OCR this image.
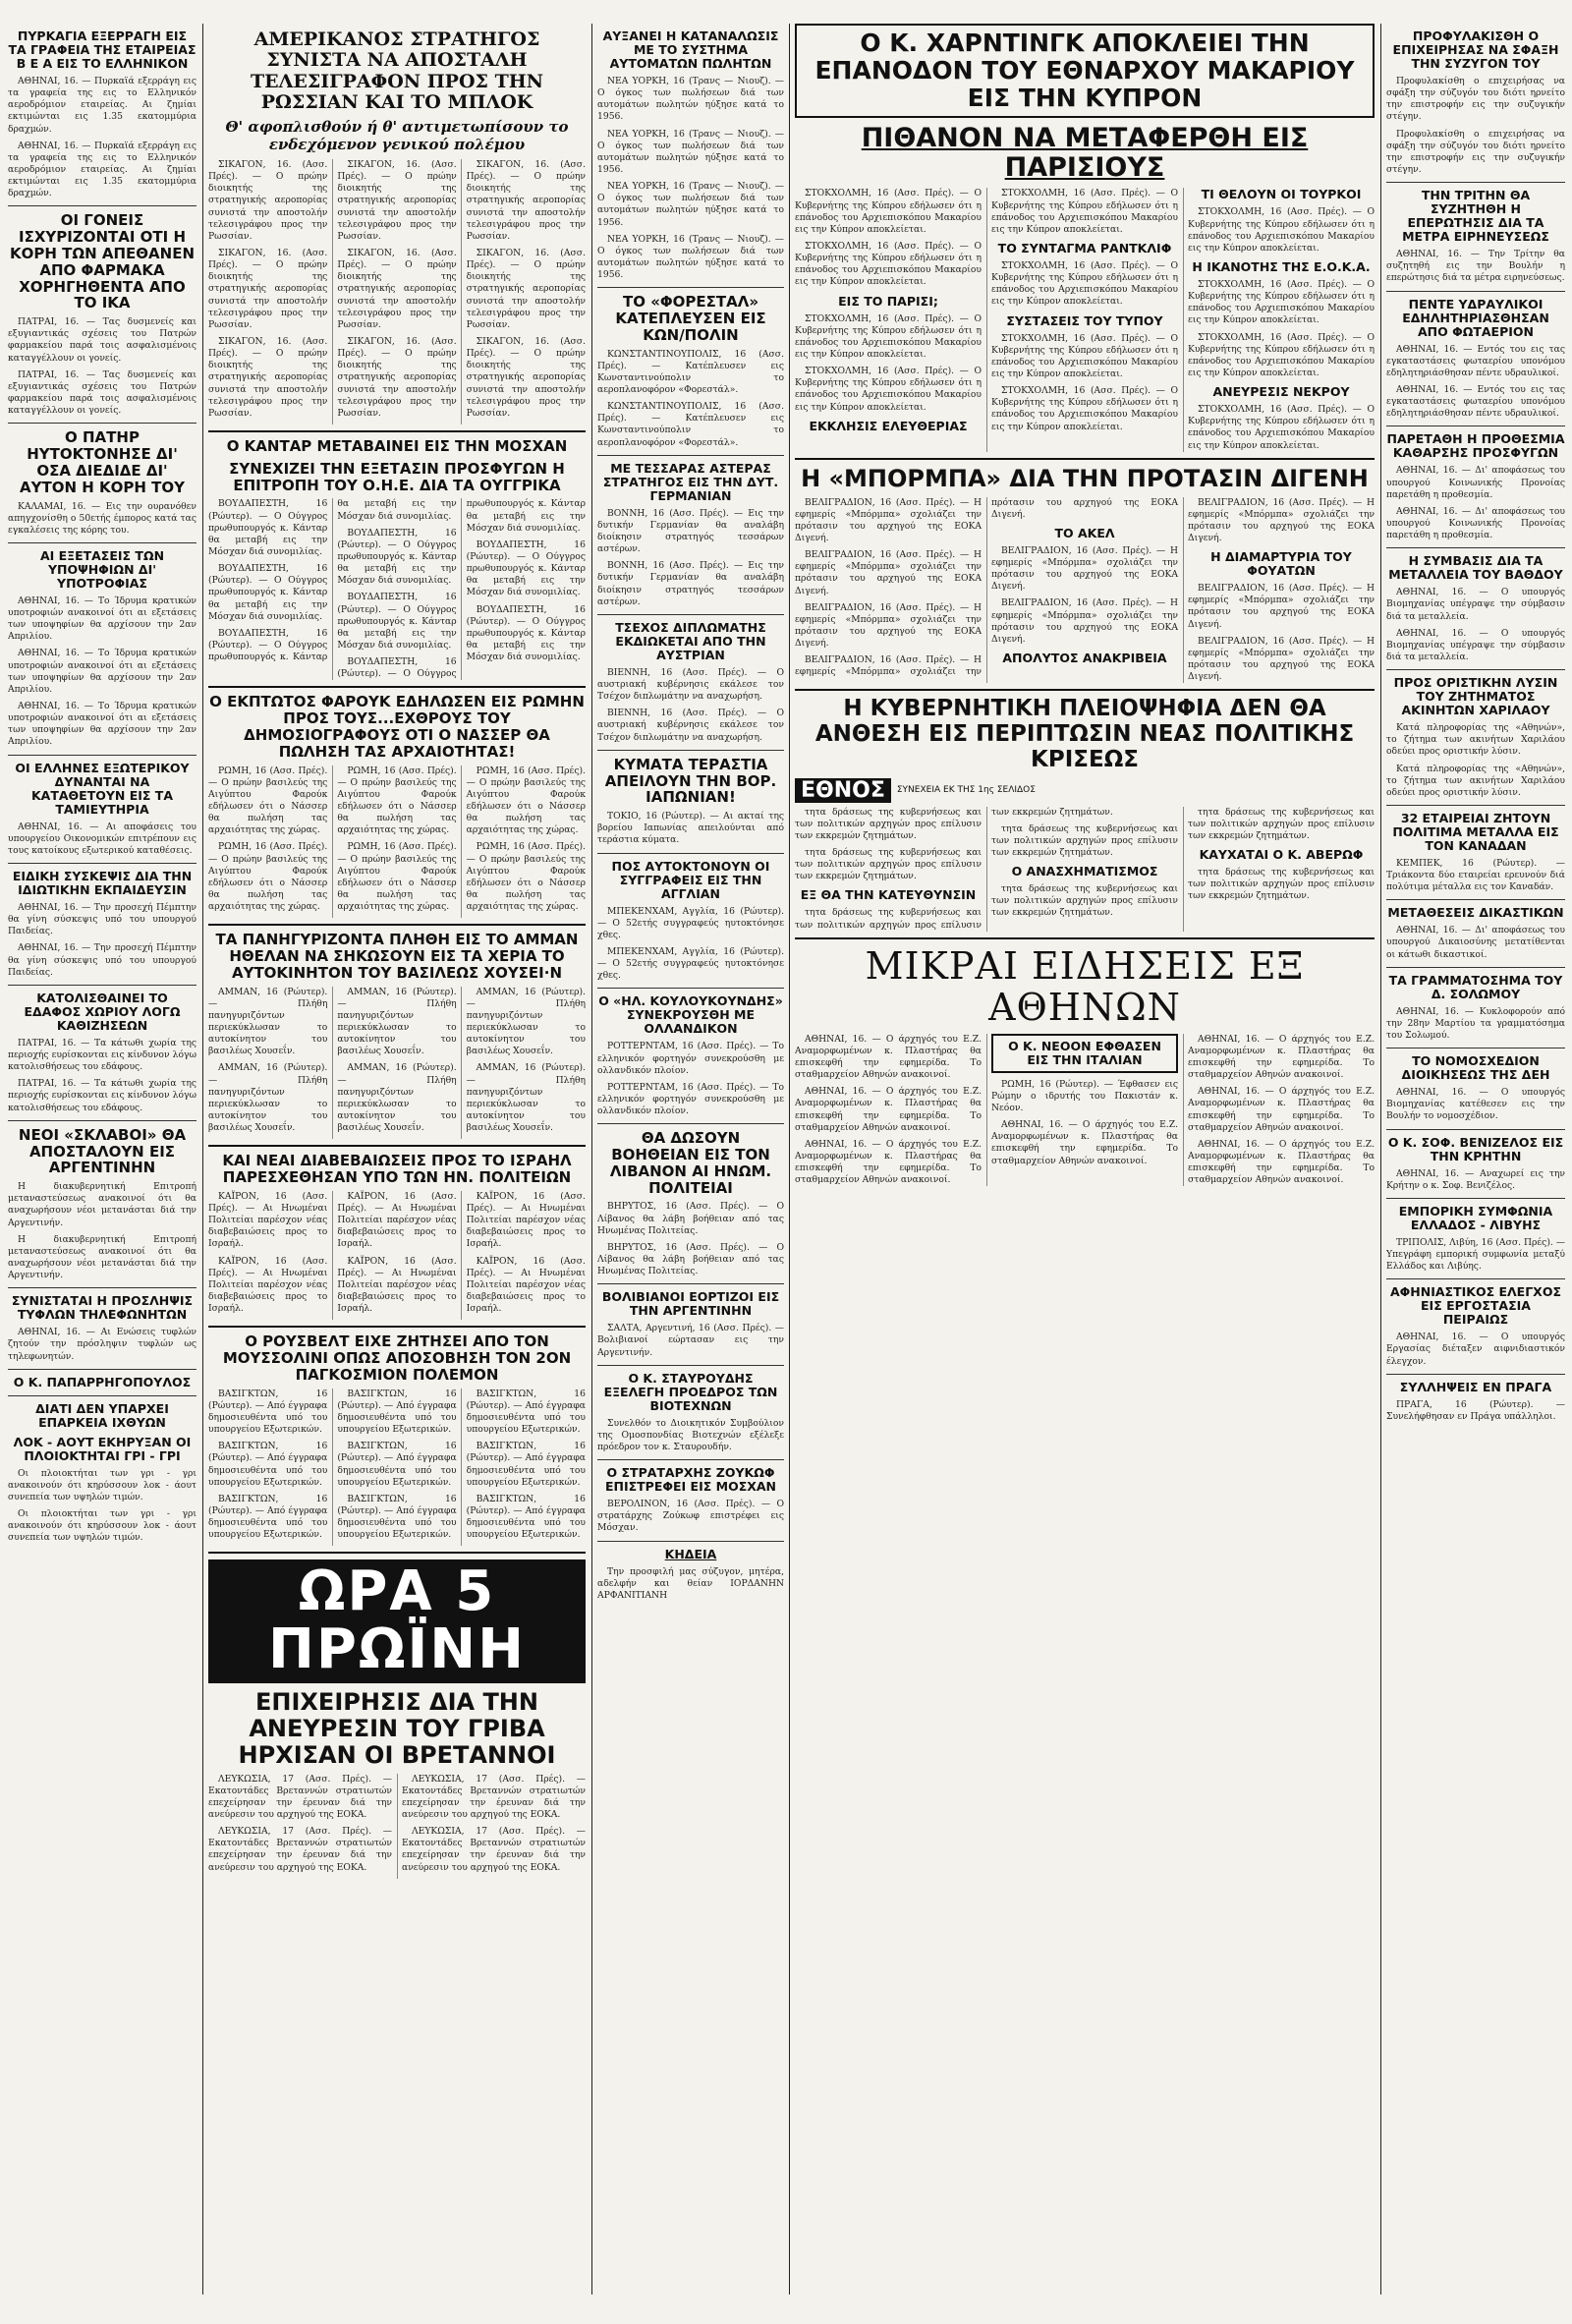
ΠΥΡΚΑΓΙΑ ΕΞΕΡΡΑΓΗ ΕΙΣ ΤΑ ΓΡΑΦΕΙΑ ΤΗΣ ΕΤΑΙΡΕΙΑΣ Β Ε Α ΕΙΣ ΤΟ ΕΛΛΗΝΙΚΟΝ

ΑΘΗΝΑΙ, 16. — Πυρκαϊά εξερράγη εις τα γραφεία της εις το Ελληνικόν αεροδρόμιον εταιρείας. Αι ζημίαι εκτιμώνται εις 1.35 εκατομμύρια δραχμών.

ΑΘΗΝΑΙ, 16. — Πυρκαϊά εξερράγη εις τα γραφεία της εις το Ελληνικόν αεροδρόμιον εταιρείας. Αι ζημίαι εκτιμώνται εις 1.35 εκατομμύρια δραχμών.

ΟΙ ΓΟΝΕΙΣ ΙΣΧΥΡΙΖΟΝΤΑΙ ΟΤΙ Η ΚΟΡΗ ΤΩΝ ΑΠΕΘΑΝΕΝ ΑΠΟ ΦΑΡΜΑΚΑ ΧΟΡΗΓΗΘΕΝΤΑ ΑΠΟ ΤΟ ΙΚΑ

ΠΑΤΡΑΙ, 16. — Τας δυσμενείς και εξυγιαντικάς σχέσεις του Πατρών φαρμακείου παρά τοις ασφαλισμένοις καταγγέλλουν οι γονείς.

ΠΑΤΡΑΙ, 16. — Τας δυσμενείς και εξυγιαντικάς σχέσεις του Πατρών φαρμακείου παρά τοις ασφαλισμένοις καταγγέλλουν οι γονείς.

Ο ΠΑΤΗΡ ΗΥΤΟΚΤΟΝΗΣΕ ΔΙ' ΟΣΑ ΔΙΕΔΙΔΕ ΔΙ' ΑΥΤΟΝ Η ΚΟΡΗ ΤΟΥ

ΚΑΛΑΜΑΙ, 16. — Εις την ουρανόθεν απηγχονίσθη ο 50ετής έμπορος κατά τας εγκαλέσεις της κόρης του.

ΑΙ ΕΞΕΤΑΣΕΙΣ ΤΩΝ ΥΠΟΨΗΦΙΩΝ ΔΙ' ΥΠΟΤΡΟΦΙΑΣ

ΑΘΗΝΑΙ, 16. — Το Ίδρυμα κρατικών υποτροφιών ανακοινοί ότι αι εξετάσεις των υποψηφίων θα αρχίσουν την 2αν Απριλίου.

ΑΘΗΝΑΙ, 16. — Το Ίδρυμα κρατικών υποτροφιών ανακοινοί ότι αι εξετάσεις των υποψηφίων θα αρχίσουν την 2αν Απριλίου.

ΑΘΗΝΑΙ, 16. — Το Ίδρυμα κρατικών υποτροφιών ανακοινοί ότι αι εξετάσεις των υποψηφίων θα αρχίσουν την 2αν Απριλίου.

ΟΙ ΕΛΛΗΝΕΣ ΕΞΩΤΕΡΙΚΟΥ ΔΥΝΑΝΤΑΙ ΝΑ ΚΑΤΑΘΕΤΟΥΝ ΕΙΣ ΤΑ ΤΑΜΙΕΥΤΗΡΙΑ

ΑΘΗΝΑΙ, 16. — Αι αποφάσεις του υπουργείου Οικονομικών επιτρέπουν εις τους κατοίκους εξωτερικού καταθέσεις.

ΕΙΔΙΚΗ ΣΥΣΚΕΨΙΣ ΔΙΑ ΤΗΝ ΙΔΙΩΤΙΚΗΝ ΕΚΠΑΙΔΕΥΣΙΝ

ΑΘΗΝΑΙ, 16. — Την προσεχή Πέμπτην θα γίνη σύσκεψις υπό του υπουργού Παιδείας.

ΑΘΗΝΑΙ, 16. — Την προσεχή Πέμπτην θα γίνη σύσκεψις υπό του υπουργού Παιδείας.

ΚΑΤΟΛΙΣΘΑΙΝΕΙ ΤΟ ΕΔΑΦΟΣ ΧΩΡΙΟΥ ΛΟΓΩ ΚΑΘΙΖΗΣΕΩΝ

ΠΑΤΡΑΙ, 16. — Τα κάτωθι χωρία της περιοχής ευρίσκονται εις κίνδυνον λόγω κατολισθήσεως του εδάφους.

ΠΑΤΡΑΙ, 16. — Τα κάτωθι χωρία της περιοχής ευρίσκονται εις κίνδυνον λόγω κατολισθήσεως του εδάφους.

ΝΕΟΙ «ΣΚΛΑΒΟΙ» ΘΑ ΑΠΟΣΤΑΛΟΥΝ ΕΙΣ ΑΡΓΕΝΤΙΝΗΝ

Η διακυβερνητική Επιτροπή μεταναστεύσεως ανακοινοί ότι θα αναχωρήσουν νέοι μετανάσται διά την Αργεντινήν.

Η διακυβερνητική Επιτροπή μεταναστεύσεως ανακοινοί ότι θα αναχωρήσουν νέοι μετανάσται διά την Αργεντινήν.

ΣΥΝΙΣΤΑΤΑΙ Η ΠΡΟΣΛΗΨΙΣ ΤΥΦΛΩΝ ΤΗΛΕΦΩΝΗΤΩΝ

ΑΘΗΝΑΙ, 16. — Αι Ενώσεις τυφλών ζητούν την πρόσληψιν τυφλών ως τηλεφωνητών.

Ο Κ. ΠΑΠΑΡΡΗΓΟΠΟΥΛΟΣ
ΔΙΑΤΙ ΔΕΝ ΥΠΑΡΧΕΙ ΕΠΑΡΚΕΙΑ ΙΧΘΥΩΝ
ΛΟΚ - ΑΟΥΤ ΕΚΗΡΥΞΑΝ ΟΙ ΠΛΟΙΟΚΤΗΤΑΙ ΓΡΙ - ΓΡΙ

Οι πλοιοκτήται των γρι - γρι ανακοινούν ότι κηρύσσουν λοκ - άουτ συνεπεία των υψηλών τιμών.

Οι πλοιοκτήται των γρι - γρι ανακοινούν ότι κηρύσσουν λοκ - άουτ συνεπεία των υψηλών τιμών.

ΑΜΕΡΙΚΑΝΟΣ ΣΤΡΑΤΗΓΟΣ ΣΥΝΙΣΤΑ ΝΑ ΑΠΟΣΤΑΛΗ ΤΕΛΕΣΙΓΡΑΦΟΝ ΠΡΟΣ ΤΗΝ ΡΩΣΣΙΑΝ ΚΑΙ ΤΟ ΜΠΛΟΚ
Θ' αφοπλισθούν ή θ' αντιμετωπίσουν το ενδεχόμενον γενικού πολέμου

ΣΙΚΑΓΟΝ, 16. (Ασσ. Πρές). — Ο πρώην διοικητής της στρατηγικής αεροπορίας συνιστά την αποστολήν τελεσιγράφου προς την Ρωσσίαν.

ΣΙΚΑΓΟΝ, 16. (Ασσ. Πρές). — Ο πρώην διοικητής της στρατηγικής αεροπορίας συνιστά την αποστολήν τελεσιγράφου προς την Ρωσσίαν.

ΣΙΚΑΓΟΝ, 16. (Ασσ. Πρές). — Ο πρώην διοικητής της στρατηγικής αεροπορίας συνιστά την αποστολήν τελεσιγράφου προς την Ρωσσίαν.

ΣΙΚΑΓΟΝ, 16. (Ασσ. Πρές). — Ο πρώην διοικητής της στρατηγικής αεροπορίας συνιστά την αποστολήν τελεσιγράφου προς την Ρωσσίαν.

ΣΙΚΑΓΟΝ, 16. (Ασσ. Πρές). — Ο πρώην διοικητής της στρατηγικής αεροπορίας συνιστά την αποστολήν τελεσιγράφου προς την Ρωσσίαν.

ΣΙΚΑΓΟΝ, 16. (Ασσ. Πρές). — Ο πρώην διοικητής της στρατηγικής αεροπορίας συνιστά την αποστολήν τελεσιγράφου προς την Ρωσσίαν.

ΣΙΚΑΓΟΝ, 16. (Ασσ. Πρές). — Ο πρώην διοικητής της στρατηγικής αεροπορίας συνιστά την αποστολήν τελεσιγράφου προς την Ρωσσίαν.

ΣΙΚΑΓΟΝ, 16. (Ασσ. Πρές). — Ο πρώην διοικητής της στρατηγικής αεροπορίας συνιστά την αποστολήν τελεσιγράφου προς την Ρωσσίαν.

ΣΙΚΑΓΟΝ, 16. (Ασσ. Πρές). — Ο πρώην διοικητής της στρατηγικής αεροπορίας συνιστά την αποστολήν τελεσιγράφου προς την Ρωσσίαν.

Ο ΚΑΝΤΑΡ ΜΕΤΑΒΑΙΝΕΙ ΕΙΣ ΤΗΝ ΜΟΣΧΑΝ
ΣΥΝΕΧΙΖΕΙ ΤΗΝ ΕΞΕΤΑΣΙΝ ΠΡΟΣΦΥΓΩΝ Η ΕΠΙΤΡΟΠΗ ΤΟΥ Ο.Η.Ε. ΔΙΑ ΤΑ ΟΥΓΓΡΙΚΑ

ΒΟΥΔΑΠΕΣΤΗ, 16 (Ρώυτερ). — Ο Ούγγρος πρωθυπουργός κ. Κάνταρ θα μεταβή εις την Μόσχαν διά συνομιλίας.

ΒΟΥΔΑΠΕΣΤΗ, 16 (Ρώυτερ). — Ο Ούγγρος πρωθυπουργός κ. Κάνταρ θα μεταβή εις την Μόσχαν διά συνομιλίας.

ΒΟΥΔΑΠΕΣΤΗ, 16 (Ρώυτερ). — Ο Ούγγρος πρωθυπουργός κ. Κάνταρ θα μεταβή εις την Μόσχαν διά συνομιλίας.

ΒΟΥΔΑΠΕΣΤΗ, 16 (Ρώυτερ). — Ο Ούγγρος πρωθυπουργός κ. Κάνταρ θα μεταβή εις την Μόσχαν διά συνομιλίας.

ΒΟΥΔΑΠΕΣΤΗ, 16 (Ρώυτερ). — Ο Ούγγρος πρωθυπουργός κ. Κάνταρ θα μεταβή εις την Μόσχαν διά συνομιλίας.

ΒΟΥΔΑΠΕΣΤΗ, 16 (Ρώυτερ). — Ο Ούγγρος πρωθυπουργός κ. Κάνταρ θα μεταβή εις την Μόσχαν διά συνομιλίας.

ΒΟΥΔΑΠΕΣΤΗ, 16 (Ρώυτερ). — Ο Ούγγρος πρωθυπουργός κ. Κάνταρ θα μεταβή εις την Μόσχαν διά συνομιλίας.

ΒΟΥΔΑΠΕΣΤΗ, 16 (Ρώυτερ). — Ο Ούγγρος πρωθυπουργός κ. Κάνταρ θα μεταβή εις την Μόσχαν διά συνομιλίας.

Ο ΕΚΠΤΩΤΟΣ ΦΑΡΟΥΚ ΕΔΗΛΩΣΕΝ ΕΙΣ ΡΩΜΗΝ ΠΡΟΣ ΤΟΥΣ...ΕΧΘΡΟΥΣ ΤΟΥ ΔΗΜΟΣΙΟΓΡΑΦΟΥΣ ΟΤΙ Ο ΝΑΣΣΕΡ ΘΑ ΠΩΛΗΣΗ ΤΑΣ ΑΡΧΑΙΟΤΗΤΑΣ!

ΡΩΜΗ, 16 (Ασσ. Πρές). — Ο πρώην βασιλεύς της Αιγύπτου Φαρούκ εδήλωσεν ότι ο Νάσσερ θα πωλήση τας αρχαιότητας της χώρας.

ΡΩΜΗ, 16 (Ασσ. Πρές). — Ο πρώην βασιλεύς της Αιγύπτου Φαρούκ εδήλωσεν ότι ο Νάσσερ θα πωλήση τας αρχαιότητας της χώρας.

ΡΩΜΗ, 16 (Ασσ. Πρές). — Ο πρώην βασιλεύς της Αιγύπτου Φαρούκ εδήλωσεν ότι ο Νάσσερ θα πωλήση τας αρχαιότητας της χώρας.

ΡΩΜΗ, 16 (Ασσ. Πρές). — Ο πρώην βασιλεύς της Αιγύπτου Φαρούκ εδήλωσεν ότι ο Νάσσερ θα πωλήση τας αρχαιότητας της χώρας.

ΡΩΜΗ, 16 (Ασσ. Πρές). — Ο πρώην βασιλεύς της Αιγύπτου Φαρούκ εδήλωσεν ότι ο Νάσσερ θα πωλήση τας αρχαιότητας της χώρας.

ΡΩΜΗ, 16 (Ασσ. Πρές). — Ο πρώην βασιλεύς της Αιγύπτου Φαρούκ εδήλωσεν ότι ο Νάσσερ θα πωλήση τας αρχαιότητας της χώρας.

ΤΑ ΠΑΝΗΓΥΡΙΖΟΝΤΑ ΠΛΗΘΗ ΕΙΣ ΤΟ ΑΜΜΑΝ ΗΘΕΛΑΝ ΝΑ ΣΗΚΩΣΟΥΝ ΕΙΣ ΤΑ ΧΕΡΙΑ ΤΟ ΑΥΤΟΚΙΝΗΤΟΝ ΤΟΥ ΒΑΣΙΛΕΩΣ ΧΟΥΣΕΙ·Ν

ΑΜΜΑΝ, 16 (Ρώυτερ). — Πλήθη πανηγυριζόντων περιεκύκλωσαν το αυτοκίνητον του βασιλέως Χουσεΐν.

ΑΜΜΑΝ, 16 (Ρώυτερ). — Πλήθη πανηγυριζόντων περιεκύκλωσαν το αυτοκίνητον του βασιλέως Χουσεΐν.

ΑΜΜΑΝ, 16 (Ρώυτερ). — Πλήθη πανηγυριζόντων περιεκύκλωσαν το αυτοκίνητον του βασιλέως Χουσεΐν.

ΑΜΜΑΝ, 16 (Ρώυτερ). — Πλήθη πανηγυριζόντων περιεκύκλωσαν το αυτοκίνητον του βασιλέως Χουσεΐν.

ΑΜΜΑΝ, 16 (Ρώυτερ). — Πλήθη πανηγυριζόντων περιεκύκλωσαν το αυτοκίνητον του βασιλέως Χουσεΐν.

ΑΜΜΑΝ, 16 (Ρώυτερ). — Πλήθη πανηγυριζόντων περιεκύκλωσαν το αυτοκίνητον του βασιλέως Χουσεΐν.

ΚΑΙ ΝΕΑΙ ΔΙΑΒΕΒΑΙΩΣΕΙΣ ΠΡΟΣ ΤΟ ΙΣΡΑΗΛ ΠΑΡΕΣΧΕΘΗΣΑΝ ΥΠΟ ΤΩΝ ΗΝ. ΠΟΛΙΤΕΙΩΝ

ΚΑΪΡΟΝ, 16 (Ασσ. Πρές). — Αι Ηνωμέναι Πολιτείαι παρέσχον νέας διαβεβαιώσεις προς το Ισραήλ.

ΚΑΪΡΟΝ, 16 (Ασσ. Πρές). — Αι Ηνωμέναι Πολιτείαι παρέσχον νέας διαβεβαιώσεις προς το Ισραήλ.

ΚΑΪΡΟΝ, 16 (Ασσ. Πρές). — Αι Ηνωμέναι Πολιτείαι παρέσχον νέας διαβεβαιώσεις προς το Ισραήλ.

ΚΑΪΡΟΝ, 16 (Ασσ. Πρές). — Αι Ηνωμέναι Πολιτείαι παρέσχον νέας διαβεβαιώσεις προς το Ισραήλ.

ΚΑΪΡΟΝ, 16 (Ασσ. Πρές). — Αι Ηνωμέναι Πολιτείαι παρέσχον νέας διαβεβαιώσεις προς το Ισραήλ.

ΚΑΪΡΟΝ, 16 (Ασσ. Πρές). — Αι Ηνωμέναι Πολιτείαι παρέσχον νέας διαβεβαιώσεις προς το Ισραήλ.

Ο ΡΟΥΣΒΕΛΤ ΕΙΧΕ ΖΗΤΗΣΕΙ ΑΠΟ ΤΟΝ ΜΟΥΣΣΟΛΙΝΙ ΟΠΩΣ ΑΠΟΣΟΒΗΣΗ ΤΟΝ 2ΟΝ ΠΑΓΚΟΣΜΙΟΝ ΠΟΛΕΜΟΝ

ΒΑΣΙΓΚΤΩΝ, 16 (Ρώυτερ). — Από έγγραφα δημοσιευθέντα υπό του υπουργείου Εξωτερικών.

ΒΑΣΙΓΚΤΩΝ, 16 (Ρώυτερ). — Από έγγραφα δημοσιευθέντα υπό του υπουργείου Εξωτερικών.

ΒΑΣΙΓΚΤΩΝ, 16 (Ρώυτερ). — Από έγγραφα δημοσιευθέντα υπό του υπουργείου Εξωτερικών.

ΒΑΣΙΓΚΤΩΝ, 16 (Ρώυτερ). — Από έγγραφα δημοσιευθέντα υπό του υπουργείου Εξωτερικών.

ΒΑΣΙΓΚΤΩΝ, 16 (Ρώυτερ). — Από έγγραφα δημοσιευθέντα υπό του υπουργείου Εξωτερικών.

ΒΑΣΙΓΚΤΩΝ, 16 (Ρώυτερ). — Από έγγραφα δημοσιευθέντα υπό του υπουργείου Εξωτερικών.

ΒΑΣΙΓΚΤΩΝ, 16 (Ρώυτερ). — Από έγγραφα δημοσιευθέντα υπό του υπουργείου Εξωτερικών.

ΒΑΣΙΓΚΤΩΝ, 16 (Ρώυτερ). — Από έγγραφα δημοσιευθέντα υπό του υπουργείου Εξωτερικών.

ΒΑΣΙΓΚΤΩΝ, 16 (Ρώυτερ). — Από έγγραφα δημοσιευθέντα υπό του υπουργείου Εξωτερικών.

ΩΡΑ 5 ΠΡΩΪΝΗ
ΕΠΙΧΕΙΡΗΣΙΣ ΔΙΑ ΤΗΝ ΑΝΕΥΡΕΣΙΝ ΤΟΥ ΓΡΙΒΑ ΗΡΧΙΣΑΝ ΟΙ ΒΡΕΤΑΝΝΟΙ

ΛΕΥΚΩΣΙΑ, 17 (Ασσ. Πρές). — Εκατοντάδες Βρεταννών στρατιωτών επεχείρησαν την έρευναν διά την ανεύρεσιν του αρχηγού της ΕΟΚΑ.

ΛΕΥΚΩΣΙΑ, 17 (Ασσ. Πρές). — Εκατοντάδες Βρεταννών στρατιωτών επεχείρησαν την έρευναν διά την ανεύρεσιν του αρχηγού της ΕΟΚΑ.

ΛΕΥΚΩΣΙΑ, 17 (Ασσ. Πρές). — Εκατοντάδες Βρεταννών στρατιωτών επεχείρησαν την έρευναν διά την ανεύρεσιν του αρχηγού της ΕΟΚΑ.

ΛΕΥΚΩΣΙΑ, 17 (Ασσ. Πρές). — Εκατοντάδες Βρεταννών στρατιωτών επεχείρησαν την έρευναν διά την ανεύρεσιν του αρχηγού της ΕΟΚΑ.

ΑΥΞΑΝΕΙ Η ΚΑΤΑΝΑΛΩΣΙΣ ΜΕ ΤΟ ΣΥΣΤΗΜΑ ΑΥΤΟΜΑΤΩΝ ΠΩΛΗΤΩΝ

ΝΕΑ ΥΟΡΚΗ, 16 (Τρανς — Νιουζ). — Ο όγκος των πωλήσεων διά των αυτομάτων πωλητών ηύξησε κατά το 1956.

ΝΕΑ ΥΟΡΚΗ, 16 (Τρανς — Νιουζ). — Ο όγκος των πωλήσεων διά των αυτομάτων πωλητών ηύξησε κατά το 1956.

ΝΕΑ ΥΟΡΚΗ, 16 (Τρανς — Νιουζ). — Ο όγκος των πωλήσεων διά των αυτομάτων πωλητών ηύξησε κατά το 1956.

ΝΕΑ ΥΟΡΚΗ, 16 (Τρανς — Νιουζ). — Ο όγκος των πωλήσεων διά των αυτομάτων πωλητών ηύξησε κατά το 1956.

ΤΟ «ΦΟΡΕΣΤΑΛ» ΚΑΤΕΠΛΕΥΣΕΝ ΕΙΣ ΚΩΝ/ΠΟΛΙΝ

ΚΩΝΣΤΑΝΤΙΝΟΥΠΟΛΙΣ, 16 (Ασσ. Πρές). — Κατέπλευσεν εις Κωνσταντινούπολιν το αεροπλανοφόρον «Φορεστάλ».

ΚΩΝΣΤΑΝΤΙΝΟΥΠΟΛΙΣ, 16 (Ασσ. Πρές). — Κατέπλευσεν εις Κωνσταντινούπολιν το αεροπλανοφόρον «Φορεστάλ».

ΜΕ ΤΕΣΣΑΡΑΣ ΑΣΤΕΡΑΣ ΣΤΡΑΤΗΓΟΣ ΕΙΣ ΤΗΝ ΔΥΤ. ΓΕΡΜΑΝΙΑΝ

ΒΟΝΝΗ, 16 (Ασσ. Πρές). — Εις την δυτικήν Γερμανίαν θα αναλάβη διοίκησιν στρατηγός τεσσάρων αστέρων.

ΒΟΝΝΗ, 16 (Ασσ. Πρές). — Εις την δυτικήν Γερμανίαν θα αναλάβη διοίκησιν στρατηγός τεσσάρων αστέρων.

ΤΣΕΧΟΣ ΔΙΠΛΩΜΑΤΗΣ ΕΚΔΙΩΚΕΤΑΙ ΑΠΟ ΤΗΝ ΑΥΣΤΡΙΑΝ

ΒΙΕΝΝΗ, 16 (Ασσ. Πρές). — Ο αυστριακή κυβέρνησις εκάλεσε τον Τσέχον διπλωμάτην να αναχωρήση.

ΒΙΕΝΝΗ, 16 (Ασσ. Πρές). — Ο αυστριακή κυβέρνησις εκάλεσε τον Τσέχον διπλωμάτην να αναχωρήση.

ΚΥΜΑΤΑ ΤΕΡΑΣΤΙΑ ΑΠΕΙΛΟΥΝ ΤΗΝ ΒΟΡ. ΙΑΠΩΝΙΑΝ!

ΤΟΚΙΟ, 16 (Ρώυτερ). — Αι ακταί της βορείου Ιαπωνίας απειλούνται από τεράστια κύματα.

ΠΟΣ ΑΥΤΟΚΤΟΝΟΥΝ ΟΙ ΣΥΓΓΡΑΦΕΙΣ ΕΙΣ ΤΗΝ ΑΓΓΛΙΑΝ

ΜΠΕΚΕΝΧΑΜ, Αγγλία, 16 (Ρώυτερ). — Ο 52ετής συγγραφεύς ηυτοκτόνησε χθες.

ΜΠΕΚΕΝΧΑΜ, Αγγλία, 16 (Ρώυτερ). — Ο 52ετής συγγραφεύς ηυτοκτόνησε χθες.

Ο «ΗΛ. ΚΟΥΛΟΥΚΟΥΝΔΗΣ» ΣΥΝΕΚΡΟΥΣΘΗ ΜΕ ΟΛΛΑΝΔΙΚΟΝ

ΡΟΤΤΕΡΝΤΑΜ, 16 (Ασσ. Πρές). — Το ελληνικόν φορτηγόν συνεκρούσθη με ολλανδικόν πλοίον.

ΡΟΤΤΕΡΝΤΑΜ, 16 (Ασσ. Πρές). — Το ελληνικόν φορτηγόν συνεκρούσθη με ολλανδικόν πλοίον.

ΘΑ ΔΩΣΟΥΝ ΒΟΗΘΕΙΑΝ ΕΙΣ ΤΟΝ ΛΙΒΑΝΟΝ ΑΙ ΗΝΩΜ. ΠΟΛΙΤΕΙΑΙ

ΒΗΡΥΤΟΣ, 16 (Ασσ. Πρές). — Ο Λίβανος θα λάβη βοήθειαν από τας Ηνωμένας Πολιτείας.

ΒΗΡΥΤΟΣ, 16 (Ασσ. Πρές). — Ο Λίβανος θα λάβη βοήθειαν από τας Ηνωμένας Πολιτείας.

ΒΟΛΙΒΙΑΝΟΙ ΕΟΡΤΙΖΟΙ ΕΙΣ ΤΗΝ ΑΡΓΕΝΤΙΝΗΝ

ΣΑΛΤΑ, Αργεντινή, 16 (Ασσ. Πρές). — Βολιβιανοί εώρτασαν εις την Αργεντινήν.

Ο Κ. ΣΤΑΥΡΟΥΔΗΣ ΕΞΕΛΕΓΗ ΠΡΟΕΔΡΟΣ ΤΩΝ ΒΙΟΤΕΧΝΩΝ

Συνελθόν το Διοικητικόν Συμβούλιον της Ομοσπονδίας Βιοτεχνών εξέλεξε πρόεδρον τον κ. Σταυρουδήν.

Ο ΣΤΡΑΤΑΡΧΗΣ ΖΟΥΚΩΦ ΕΠΙΣΤΡΕΦΕΙ ΕΙΣ ΜΟΣΧΑΝ

ΒΕΡΟΛΙΝΟΝ, 16 (Ασσ. Πρές). — Ο στρατάρχης Ζούκωφ επιστρέφει εις Μόσχαν.

ΚΗΔΕΙΑ

Την προσφιλή μας σύζυγον, μητέρα, αδελφήν και θείαν ΙΟΡΔΑΝΗΝ ΑΡΦΑΝΙΤΙΑΝΗ

Ο Κ. ΧΑΡΝΤΙΝΓΚ ΑΠΟΚΛΕΙΕΙ ΤΗΝ ΕΠΑΝΟΔΟΝ ΤΟΥ ΕΘΝΑΡΧΟΥ ΜΑΚΑΡΙΟΥ ΕΙΣ ΤΗΝ ΚΥΠΡΟΝ
ΠΙΘΑΝΟΝ ΝΑ ΜΕΤΑΦΕΡΘΗ ΕΙΣ ΠΑΡΙΣΙΟΥΣ

ΣΤΟΚΧΟΛΜΗ, 16 (Ασσ. Πρές). — Ο Κυβερνήτης της Κύπρου εδήλωσεν ότι η επάνοδος του Αρχιεπισκόπου Μακαρίου εις την Κύπρον αποκλείεται.

ΣΤΟΚΧΟΛΜΗ, 16 (Ασσ. Πρές). — Ο Κυβερνήτης της Κύπρου εδήλωσεν ότι η επάνοδος του Αρχιεπισκόπου Μακαρίου εις την Κύπρον αποκλείεται.

ΕΙΣ ΤΟ ΠΑΡΙΣΙ;

ΣΤΟΚΧΟΛΜΗ, 16 (Ασσ. Πρές). — Ο Κυβερνήτης της Κύπρου εδήλωσεν ότι η επάνοδος του Αρχιεπισκόπου Μακαρίου εις την Κύπρον αποκλείεται.

ΣΤΟΚΧΟΛΜΗ, 16 (Ασσ. Πρές). — Ο Κυβερνήτης της Κύπρου εδήλωσεν ότι η επάνοδος του Αρχιεπισκόπου Μακαρίου εις την Κύπρον αποκλείεται.

ΕΚΚΛΗΣΙΣ ΕΛΕΥΘΕΡΙΑΣ

ΣΤΟΚΧΟΛΜΗ, 16 (Ασσ. Πρές). — Ο Κυβερνήτης της Κύπρου εδήλωσεν ότι η επάνοδος του Αρχιεπισκόπου Μακαρίου εις την Κύπρον αποκλείεται.

ΤΟ ΣΥΝΤΑΓΜΑ ΡΑΝΤΚΛΙΦ

ΣΤΟΚΧΟΛΜΗ, 16 (Ασσ. Πρές). — Ο Κυβερνήτης της Κύπρου εδήλωσεν ότι η επάνοδος του Αρχιεπισκόπου Μακαρίου εις την Κύπρον αποκλείεται.

ΣΥΣΤΑΣΕΙΣ ΤΟΥ ΤΥΠΟΥ

ΣΤΟΚΧΟΛΜΗ, 16 (Ασσ. Πρές). — Ο Κυβερνήτης της Κύπρου εδήλωσεν ότι η επάνοδος του Αρχιεπισκόπου Μακαρίου εις την Κύπρον αποκλείεται.

ΣΤΟΚΧΟΛΜΗ, 16 (Ασσ. Πρές). — Ο Κυβερνήτης της Κύπρου εδήλωσεν ότι η επάνοδος του Αρχιεπισκόπου Μακαρίου εις την Κύπρον αποκλείεται.

ΤΙ ΘΕΛΟΥΝ ΟΙ ΤΟΥΡΚΟΙ

ΣΤΟΚΧΟΛΜΗ, 16 (Ασσ. Πρές). — Ο Κυβερνήτης της Κύπρου εδήλωσεν ότι η επάνοδος του Αρχιεπισκόπου Μακαρίου εις την Κύπρον αποκλείεται.

Η ΙΚΑΝΟΤΗΣ ΤΗΣ Ε.Ο.Κ.Α.

ΣΤΟΚΧΟΛΜΗ, 16 (Ασσ. Πρές). — Ο Κυβερνήτης της Κύπρου εδήλωσεν ότι η επάνοδος του Αρχιεπισκόπου Μακαρίου εις την Κύπρον αποκλείεται.

ΣΤΟΚΧΟΛΜΗ, 16 (Ασσ. Πρές). — Ο Κυβερνήτης της Κύπρου εδήλωσεν ότι η επάνοδος του Αρχιεπισκόπου Μακαρίου εις την Κύπρον αποκλείεται.

ΑΝΕΥΡΕΣΙΣ ΝΕΚΡΟΥ

ΣΤΟΚΧΟΛΜΗ, 16 (Ασσ. Πρές). — Ο Κυβερνήτης της Κύπρου εδήλωσεν ότι η επάνοδος του Αρχιεπισκόπου Μακαρίου εις την Κύπρον αποκλείεται.

Η «ΜΠΟΡΜΠΑ» ΔΙΑ ΤΗΝ ΠΡΟΤΑΣΙΝ ΔΙΓΕΝΗ

ΒΕΛΙΓΡΑΔΙΟΝ, 16 (Ασσ. Πρές). — Η εφημερίς «Μπόρμπα» σχολιάζει την πρότασιν του αρχηγού της ΕΟΚΑ Διγενή.

ΒΕΛΙΓΡΑΔΙΟΝ, 16 (Ασσ. Πρές). — Η εφημερίς «Μπόρμπα» σχολιάζει την πρότασιν του αρχηγού της ΕΟΚΑ Διγενή.

ΒΕΛΙΓΡΑΔΙΟΝ, 16 (Ασσ. Πρές). — Η εφημερίς «Μπόρμπα» σχολιάζει την πρότασιν του αρχηγού της ΕΟΚΑ Διγενή.

ΒΕΛΙΓΡΑΔΙΟΝ, 16 (Ασσ. Πρές). — Η εφημερίς «Μπόρμπα» σχολιάζει την πρότασιν του αρχηγού της ΕΟΚΑ Διγενή.

ΤΟ ΑΚΕΛ

ΒΕΛΙΓΡΑΔΙΟΝ, 16 (Ασσ. Πρές). — Η εφημερίς «Μπόρμπα» σχολιάζει την πρότασιν του αρχηγού της ΕΟΚΑ Διγενή.

ΒΕΛΙΓΡΑΔΙΟΝ, 16 (Ασσ. Πρές). — Η εφημερίς «Μπόρμπα» σχολιάζει την πρότασιν του αρχηγού της ΕΟΚΑ Διγενή.

ΑΠΟΛΥΤΟΣ ΑΝΑΚΡΙΒΕΙΑ

ΒΕΛΙΓΡΑΔΙΟΝ, 16 (Ασσ. Πρές). — Η εφημερίς «Μπόρμπα» σχολιάζει την πρότασιν του αρχηγού της ΕΟΚΑ Διγενή.

Η ΔΙΑΜΑΡΤΥΡΙΑ ΤΟΥ ΦΟΥΑΤΩΝ

ΒΕΛΙΓΡΑΔΙΟΝ, 16 (Ασσ. Πρές). — Η εφημερίς «Μπόρμπα» σχολιάζει την πρότασιν του αρχηγού της ΕΟΚΑ Διγενή.

ΒΕΛΙΓΡΑΔΙΟΝ, 16 (Ασσ. Πρές). — Η εφημερίς «Μπόρμπα» σχολιάζει την πρότασιν του αρχηγού της ΕΟΚΑ Διγενή.

Η ΚΥΒΕΡΝΗΤΙΚΗ ΠΛΕΙΟΨΗΦΙΑ ΔΕΝ ΘΑ ΑΝΘΕΣΗ ΕΙΣ ΠΕΡΙΠΤΩΣΙΝ ΝΕΑΣ ΠΟΛΙΤΙΚΗΣ ΚΡΙΣΕΩΣ
ΕΘΝΟΣ	ΣΥΝΕΧΕΙΑ ΕΚ ΤΗΣ 1ης ΣΕΛΙΔΟΣ

τητα δράσεως της κυβερνήσεως και των πολιτικών αρχηγών προς επίλυσιν των εκκρεμών ζητημάτων.

τητα δράσεως της κυβερνήσεως και των πολιτικών αρχηγών προς επίλυσιν των εκκρεμών ζητημάτων.

ΕΞ ΘΑ ΤΗΝ ΚΑΤΕΥΘΥΝΣΙΝ

τητα δράσεως της κυβερνήσεως και των πολιτικών αρχηγών προς επίλυσιν των εκκρεμών ζητημάτων.

τητα δράσεως της κυβερνήσεως και των πολιτικών αρχηγών προς επίλυσιν των εκκρεμών ζητημάτων.

Ο ΑΝΑΣΧΗΜΑΤΙΣΜΟΣ

τητα δράσεως της κυβερνήσεως και των πολιτικών αρχηγών προς επίλυσιν των εκκρεμών ζητημάτων.

τητα δράσεως της κυβερνήσεως και των πολιτικών αρχηγών προς επίλυσιν των εκκρεμών ζητημάτων.

ΚΑΥΧΑΤΑΙ Ο Κ. ΑΒΕΡΩΦ

τητα δράσεως της κυβερνήσεως και των πολιτικών αρχηγών προς επίλυσιν των εκκρεμών ζητημάτων.

ΜΙΚΡΑΙ ΕΙΔΗΣΕΙΣ ΕΞ ΑΘΗΝΩΝ

ΑΘΗΝΑΙ, 16. — Ο άρχηγός του Ε.Ζ. Αναμορφωμένων κ. Πλαστήρας θα επισκεφθή την εφημερίδα. Το σταθμαρχείον Αθηνών ανακοινοί.

ΑΘΗΝΑΙ, 16. — Ο άρχηγός του Ε.Ζ. Αναμορφωμένων κ. Πλαστήρας θα επισκεφθή την εφημερίδα. Το σταθμαρχείον Αθηνών ανακοινοί.

ΑΘΗΝΑΙ, 16. — Ο άρχηγός του Ε.Ζ. Αναμορφωμένων κ. Πλαστήρας θα επισκεφθή την εφημερίδα. Το σταθμαρχείον Αθηνών ανακοινοί.

Ο Κ. ΝΕΟΟΝ ΕΦΘΑΣΕΝ ΕΙΣ ΤΗΝ ΙΤΑΛΙΑΝ

ΡΩΜΗ, 16 (Ρώυτερ). — Έφθασεν εις Ρώμην ο ιδρυτής του Πακιστάν κ. Νεόον.

ΑΘΗΝΑΙ, 16. — Ο άρχηγός του Ε.Ζ. Αναμορφωμένων κ. Πλαστήρας θα επισκεφθή την εφημερίδα. Το σταθμαρχείον Αθηνών ανακοινοί.

ΑΘΗΝΑΙ, 16. — Ο άρχηγός του Ε.Ζ. Αναμορφωμένων κ. Πλαστήρας θα επισκεφθή την εφημερίδα. Το σταθμαρχείον Αθηνών ανακοινοί.

ΑΘΗΝΑΙ, 16. — Ο άρχηγός του Ε.Ζ. Αναμορφωμένων κ. Πλαστήρας θα επισκεφθή την εφημερίδα. Το σταθμαρχείον Αθηνών ανακοινοί.

ΑΘΗΝΑΙ, 16. — Ο άρχηγός του Ε.Ζ. Αναμορφωμένων κ. Πλαστήρας θα επισκεφθή την εφημερίδα. Το σταθμαρχείον Αθηνών ανακοινοί.

ΠΡΟΦΥΛΑΚΙΣΘΗ Ο ΕΠΙΧΕΙΡΗΣΑΣ ΝΑ ΣΦΑΞΗ ΤΗΝ ΣΥΖΥΓΟΝ ΤΟΥ

Προφυλακίσθη ο επιχειρήσας να σφάξη την σύζυγόν του διότι ηρνείτο την επιστροφήν εις την συζυγικήν στέγην.

Προφυλακίσθη ο επιχειρήσας να σφάξη την σύζυγόν του διότι ηρνείτο την επιστροφήν εις την συζυγικήν στέγην.

ΤΗΝ ΤΡΙΤΗΝ ΘΑ ΣΥΖΗΤΗΘΗ Η ΕΠΕΡΩΤΗΣΙΣ ΔΙΑ ΤΑ ΜΕΤΡΑ ΕΙΡΗΝΕΥΣΕΩΣ

ΑΘΗΝΑΙ, 16. — Την Τρίτην θα συζητηθή εις την Βουλήν η επερώτησις διά τα μέτρα ειρηνεύσεως.

ΠΕΝΤΕ ΥΔΡΑΥΛΙΚΟΙ ΕΔΗΛΗΤΗΡΙΑΣΘΗΣΑΝ ΑΠΟ ΦΩΤΑΕΡΙΟΝ

ΑΘΗΝΑΙ, 16. — Εντός του εις τας εγκαταστάσεις φωταερίου υπονόμου εδηλητηριάσθησαν πέντε υδραυλικοί.

ΑΘΗΝΑΙ, 16. — Εντός του εις τας εγκαταστάσεις φωταερίου υπονόμου εδηλητηριάσθησαν πέντε υδραυλικοί.

ΠΑΡΕΤΑΘΗ Η ΠΡΟΘΕΣΜΙΑ ΚΑΘΑΡΣΗΣ ΠΡΟΣΦΥΓΩΝ

ΑΘΗΝΑΙ, 16. — Δι' αποφάσεως του υπουργού Κοινωνικής Προνοίας παρετάθη η προθεσμία.

ΑΘΗΝΑΙ, 16. — Δι' αποφάσεως του υπουργού Κοινωνικής Προνοίας παρετάθη η προθεσμία.

Η ΣΥΜΒΑΣΙΣ ΔΙΑ ΤΑ ΜΕΤΑΛΛΕΙΑ ΤΟΥ ΒΑΘΔΟΥ

ΑΘΗΝΑΙ, 16. — Ο υπουργός Βιομηχανίας υπέγραψε την σύμβασιν διά τα μεταλλεία.

ΑΘΗΝΑΙ, 16. — Ο υπουργός Βιομηχανίας υπέγραψε την σύμβασιν διά τα μεταλλεία.

ΠΡΟΣ ΟΡΙΣΤΙΚΗΝ ΛΥΣΙΝ ΤΟΥ ΖΗΤΗΜΑΤΟΣ ΑΚΙΝΗΤΩΝ ΧΑΡΙΛΑΟΥ

Κατά πληροφορίας της «Αθηνών», το ζήτημα των ακινήτων Χαριλάου οδεύει προς οριστικήν λύσιν.

Κατά πληροφορίας της «Αθηνών», το ζήτημα των ακινήτων Χαριλάου οδεύει προς οριστικήν λύσιν.

32 ΕΤΑΙΡΕΙΑΙ ΖΗΤΟΥΝ ΠΟΛΙΤΙΜΑ ΜΕΤΑΛΛΑ ΕΙΣ ΤΟΝ ΚΑΝΑΔΑΝ

ΚΕΜΠΕΚ, 16 (Ρώυτερ). — Τριάκοντα δύο εταιρείαι ερευνούν διά πολύτιμα μέταλλα εις τον Καναδάν.

ΜΕΤΑΘΕΣΕΙΣ ΔΙΚΑΣΤΙΚΩΝ

ΑΘΗΝΑΙ, 16. — Δι' αποφάσεως του υπουργού Δικαιοσύνης μετατίθενται οι κάτωθι δικαστικοί.

ΤΑ ΓΡΑΜΜΑΤΟΣΗΜΑ ΤΟΥ Δ. ΣΟΛΩΜΟΥ

ΑΘΗΝΑΙ, 16. — Κυκλοφορούν από την 28ην Μαρτίου τα γραμματόσημα του Σολωμού.

ΤΟ ΝΟΜΟΣΧΕΔΙΟΝ ΔΙΟΙΚΗΣΕΩΣ ΤΗΣ ΔΕΗ

ΑΘΗΝΑΙ, 16. — Ο υπουργός Βιομηχανίας κατέθεσεν εις την Βουλήν το νομοσχέδιον.

Ο Κ. ΣΟΦ. ΒΕΝΙΖΕΛΟΣ ΕΙΣ ΤΗΝ ΚΡΗΤΗΝ

ΑΘΗΝΑΙ, 16. — Αναχωρεί εις την Κρήτην ο κ. Σοφ. Βενιζέλος.

ΕΜΠΟΡΙΚΗ ΣΥΜΦΩΝΙΑ ΕΛΛΑΔΟΣ - ΛΙΒΥΗΣ

ΤΡΙΠΟΛΙΣ, Λιβύη, 16 (Ασσ. Πρές). — Υπεγράφη εμπορική συμφωνία μεταξύ Ελλάδος και Λιβύης.

ΑΦΗΝΙΑΣΤΙΚΟΣ ΕΛΕΓΧΟΣ ΕΙΣ ΕΡΓΟΣΤΑΣΙΑ ΠΕΙΡΑΙΩΣ

ΑΘΗΝΑΙ, 16. — Ο υπουργός Εργασίας διέταξεν αιφνιδιαστικόν έλεγχον.

ΣΥΛΛΗΨΕΙΣ ΕΝ ΠΡΑΓΑ

ΠΡΑΓΑ, 16 (Ρώυτερ). — Συνελήφθησαν εν Πράγα υπάλληλοι.
